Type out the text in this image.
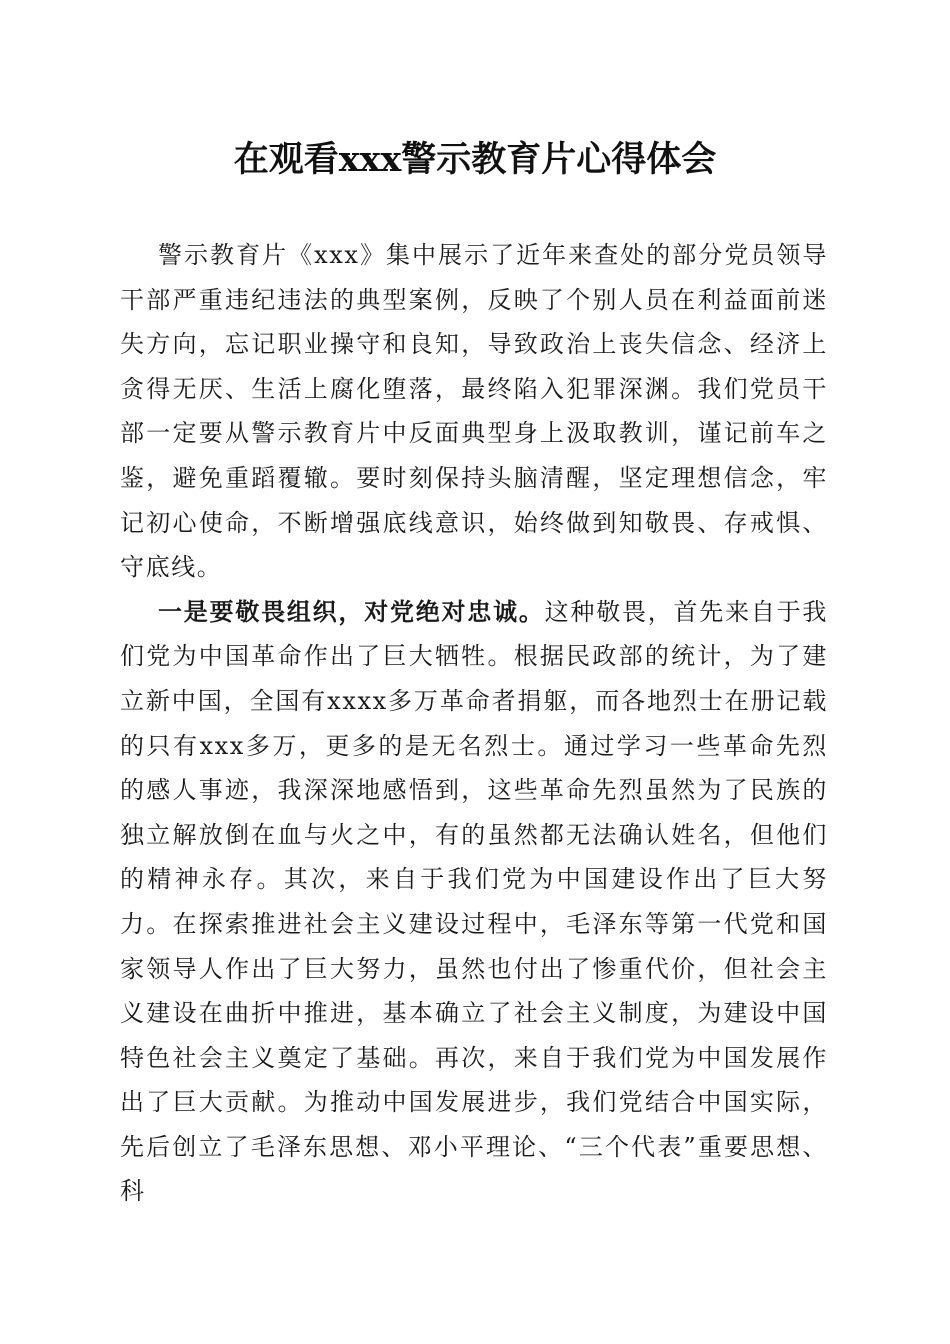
在观看xxx警示教育片心得体会

警示教育片《xxx》集中展示了近年来查处的部分党员领导干部严重违纪违法的典型案例，反映了个别人员在利益面前迷失方向，忘记职业操守和良知，导致政治上丧失信念、经济上贪得无厌、生活上腐化堕落，最终陷入犯罪深渊。我们党员干部一定要从警示教育片中反面典型身上汲取教训，谨记前车之鉴，避免重蹈覆辙。要时刻保持头脑清醒，坚定理想信念，牢记初心使命，不断增强底线意识，始终做到知敬畏、存戒惧、守底线。

一是要敬畏组织，对党绝对忠诚。这种敬畏，首先来自于我们党为中国革命作出了巨大牺牲。根据民政部的统计，为了建立新中国，全国有xxxx多万革命者捐躯，而各地烈士在册记载的只有xxx多万，更多的是无名烈士。通过学习一些革命先烈的感人事迹，我深深地感悟到，这些革命先烈虽然为了民族的独立解放倒在血与火之中，有的虽然都无法确认姓名，但他们的精神永存。其次，来自于我们党为中国建设作出了巨大努力。在探索推进社会主义建设过程中，毛泽东等第一代党和国家领导人作出了巨大努力，虽然也付出了惨重代价，但社会主义建设在曲折中推进，基本确立了社会主义制度，为建设中国特色社会主义奠定了基础。再次，来自于我们党为中国发展作出了巨大贡献。为推动中国发展进步，我们党结合中国实际，先后创立了毛泽东思想、邓小平理论、“三个代表”重要思想、科
